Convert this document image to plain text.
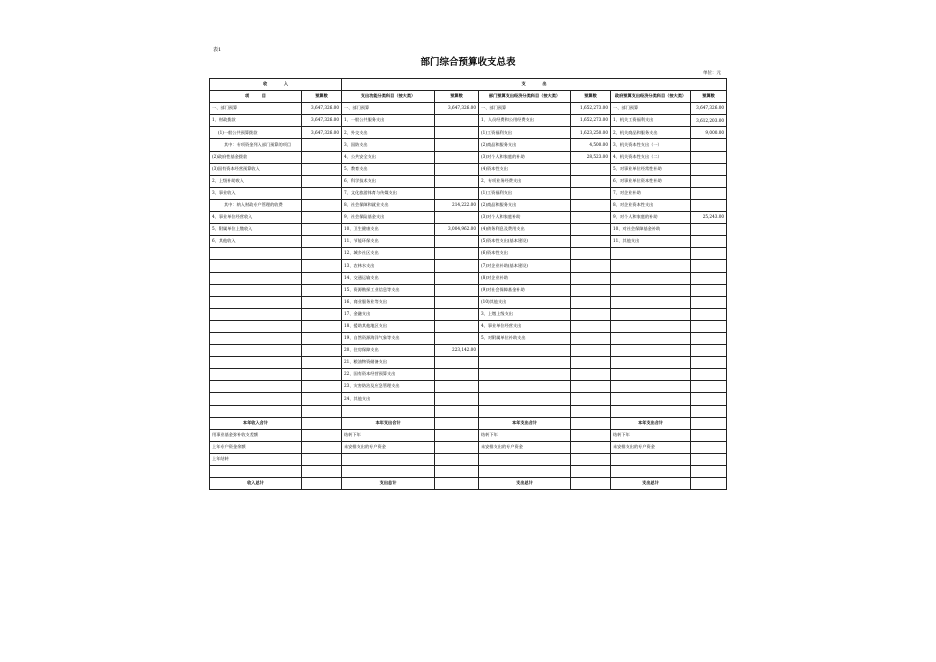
表1
部门综合预算收支总表
单位：元
收　　　　入		支　　　　出					
项　　　目	预算数	支出功能分类科目（按大类）	预算数	部门预算支出经济分类科目（按大类）	预算数	政府预算支出经济分类科目（按大类）	预算数
一、部门预算	3,647,326.00	一、部门预算	3,647,326.00	一、部门预算	1,652,273.00	一、部门预算	3,647,326.00
1、财政拨款	3,647,326.00	1、一般公共服务支出		1、人员经费和公用经费支出	1,652,273.00	1、机关工资福利支出	3,612,203.00
(1)一般公共预算拨款	3,647,326.00	2、外交支出		(1)工资福利支出	1,623,250.00	2、机关商品和服务支出	9,000.00
其中：专项资金列入部门预算的项目		3、国防支出		(2)商品和服务支出	4,500.00	3、机关资本性支出（一）	
(2)政府性基金拨款		4、公共安全支出		(3)对个人和家庭的补助	28,523.00	4、机关资本性支出（二）	
(3)国有资本经营预算收入		5、教育支出		(4)资本性支出		5、对事业单位经常性补助	
2、上级补助收入		6、科学技术支出		2、专项业务经费支出		6、对事业单位资本性补助	
3、事业收入		7、文化旅游体育与传媒支出		(1)工资福利支出		7、对企业补助	
其中：纳入财政专户管理的收费		8、社会保障和就业支出	214,222.00	(2)商品和服务支出		8、对企业资本性支出	
4、事业单位经营收入		9、社会保险基金支出		(3)对个人和家庭补助		9、对个人和家庭的补助	25,243.00
5、附属单位上缴收入		10、卫生健康支出	3,004,962.00	(4)债务利息及费用支出		10、对社会保障基金补助	
6、其他收入		11、节能环保支出		(5)资本性支出(基本建设)		11、其他支出	
		12、城乡社区支出		(6)资本性支出			
		13、农林水支出		(7)对企业补助(基本建设)			
		14、交通运输支出		(8)对企业补助			
		15、资源勘探工业信息等支出		(9)对社会保障基金补助			
		16、商业服务业等支出		(10)其他支出			
		17、金融支出		3、上缴上级支出			
		18、援助其他地区支出		4、事业单位经营支出			
		19、自然资源海洋气象等支出		5、对附属单位补助支出			
		20、住房保障支出	223,142.00				
		21、粮油物资储备支出					
		22、国有资本经营预算支出					
		23、灾害防治及应急管理支出					
		24、其他支出					

本年收入合计		本年支出合计		本年支出合计		本年支出合计	
用事业基金弥补收支差额		结转下年		结转下年		结转下年	
上年专户资金余额		未安排支出的专户资金		未安排支出的专户资金		未安排支出的专户资金	
上年结转							

收入总计		支出总计		支出总计		支出总计	
